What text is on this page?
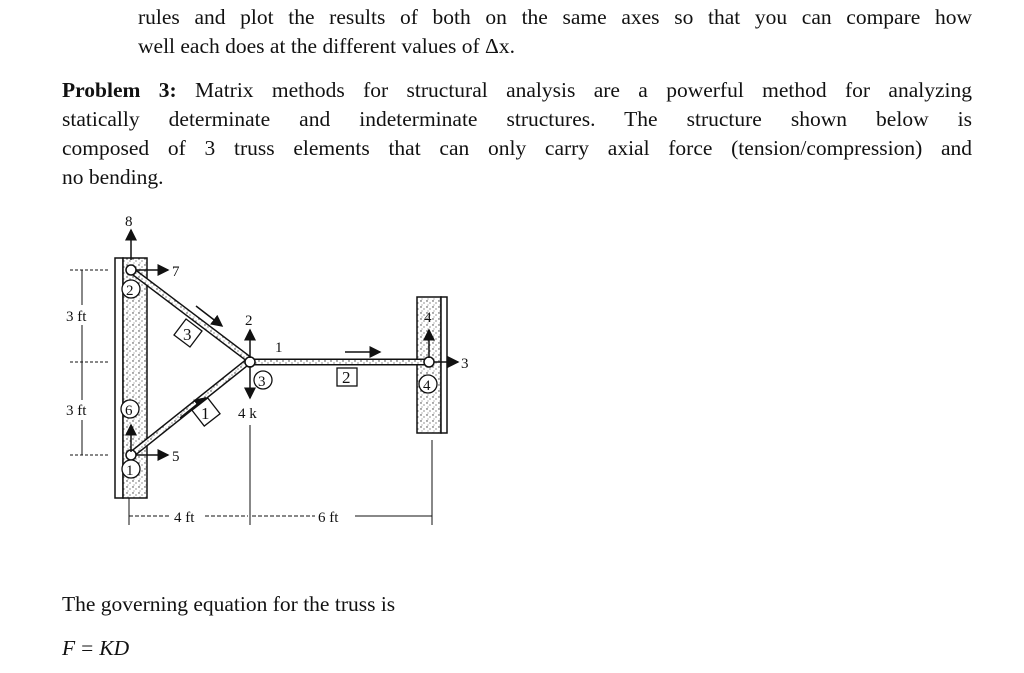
rules and plot the results of both on the same axes so that you can compare how
well each does at the different values of Δx.
Problem 3: Matrix methods for structural analysis are a powerful method for analyzing
statically determinate and indeterminate structures. The structure shown below is
composed of 3 truss elements that can only carry axial force (tension/compression) and
no bending.
8
7
5
2
1
4
3
4 k
3
1
2
2
1
6
3	4
3 ft
3 ft
4 ft	6 ft
The governing equation for the truss is
F = KD
